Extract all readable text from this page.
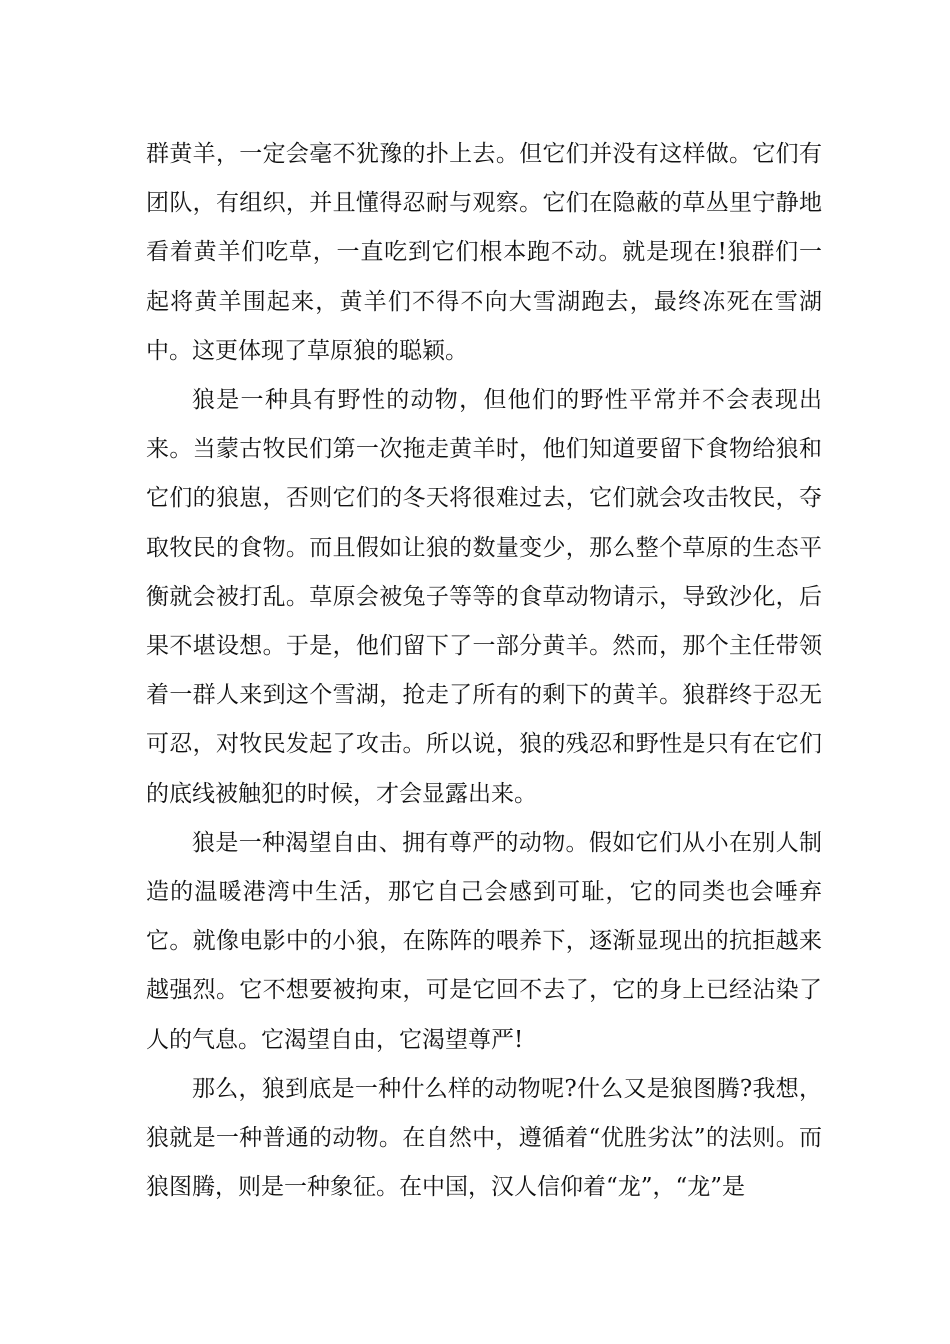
群黄羊，一定会毫不犹豫的扑上去。但它们并没有这样做。它们有团队，有组织，并且懂得忍耐与观察。它们在隐蔽的草丛里宁静地看着黄羊们吃草，一直吃到它们根本跑不动。就是现在!狼群们一起将黄羊围起来，黄羊们不得不向大雪湖跑去，最终冻死在雪湖中。这更体现了草原狼的聪颖。

狼是一种具有野性的动物，但他们的野性平常并不会表现出来。当蒙古牧民们第一次拖走黄羊时，他们知道要留下食物给狼和它们的狼崽，否则它们的冬天将很难过去，它们就会攻击牧民，夺取牧民的食物。而且假如让狼的数量变少，那么整个草原的生态平衡就会被打乱。草原会被兔子等等的食草动物请示，导致沙化，后果不堪设想。于是，他们留下了一部分黄羊。然而，那个主任带领着一群人来到这个雪湖，抢走了所有的剩下的黄羊。狼群终于忍无可忍，对牧民发起了攻击。所以说，狼的残忍和野性是只有在它们的底线被触犯的时候，才会显露出来。

狼是一种渴望自由、拥有尊严的动物。假如它们从小在别人制造的温暖港湾中生活，那它自己会感到可耻，它的同类也会唾弃它。就像电影中的小狼，在陈阵的喂养下，逐渐显现出的抗拒越来越强烈。它不想要被拘束，可是它回不去了，它的身上已经沾染了人的气息。它渴望自由，它渴望尊严!

那么，狼到底是一种什么样的动物呢?什么又是狼图腾?我想，狼就是一种普通的动物。在自然中，遵循着“优胜劣汰”的法则。而狼图腾，则是一种象征。在中国，汉人信仰着“龙”，“龙”是
